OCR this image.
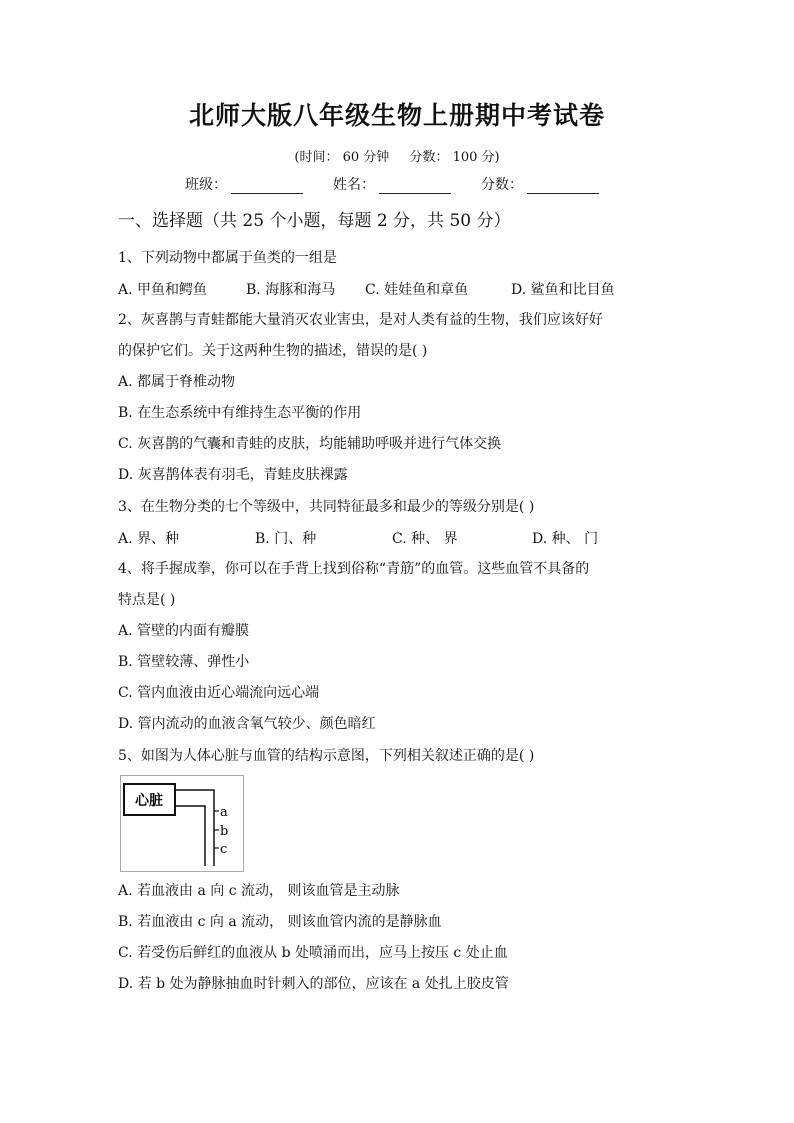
北师大版八年级生物上册期中考试卷
(时间： 60 分钟 分数： 100 分)
班级：	姓名：	分数：
一、选择题（共 25 个小题，每题 2 分，共 50 分）
1、下列动物中都属于鱼类的一组是
A. 甲鱼和鳄鱼	B. 海豚和海马	C. 娃娃鱼和章鱼	D. 鲨鱼和比目鱼
2、灰喜鹊与青蛙都能大量消灭农业害虫，是对人类有益的生物，我们应该好好
的保护它们。关于这两种生物的描述，错误的是( )
A. 都属于脊椎动物
B. 在生态系统中有维持生态平衡的作用
C. 灰喜鹊的气囊和青蛙的皮肤，均能辅助呼吸并进行气体交换
D. 灰喜鹊体表有羽毛，青蛙皮肤裸露
3、在生物分类的七个等级中，共同特征最多和最少的等级分别是( )
A. 界、种	B. 门、种	C. 种、 界	D. 种、 门
4、将手握成拳，你可以在手背上找到俗称“青筋”的血管。这些血管不具备的
特点是( )
A. 管壁的内面有瓣膜
B. 管壁较薄、弹性小
C. 管内血液由近心端流向远心端
D. 管内流动的血液含氧气较少、颜色暗红
5、如图为人体心脏与血管的结构示意图，下列相关叙述正确的是( )
心脏
a
b
c
A. 若血液由 a 向 c 流动， 则该血管是主动脉
B. 若血液由 c 向 a 流动， 则该血管内流的是静脉血
C. 若受伤后鲜红的血液从 b 处喷涌而出，应马上按压 c 处止血
D. 若 b 处为静脉抽血时针刺入的部位，应该在 a 处扎上胶皮管
